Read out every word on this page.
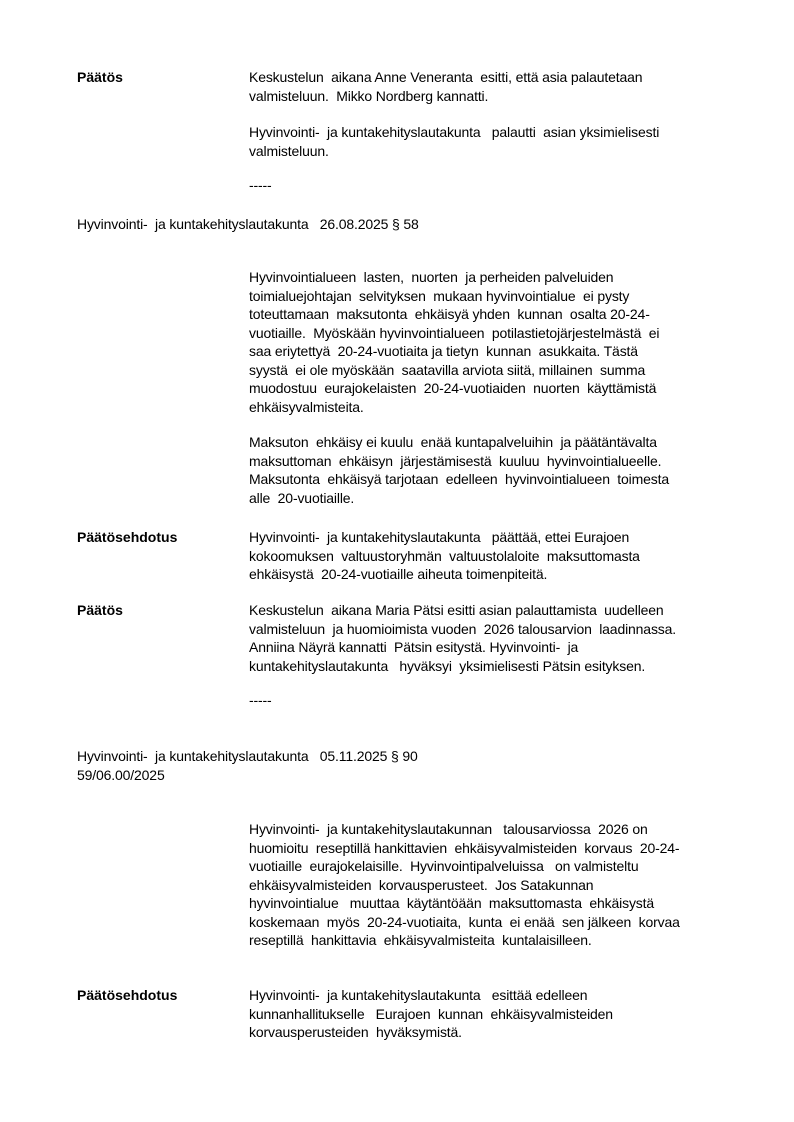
Päätös	Keskustelun  aikana Anne Veneranta  esitti, että asia palautetaan
valmisteluun.  Mikko Nordberg kannatti.
Hyvinvointi-  ja kuntakehityslautakunta   palautti  asian yksimielisesti
valmisteluun.
-----
Hyvinvointi-  ja kuntakehityslautakunta   26.08.2025 § 58
Hyvinvointialueen  lasten,  nuorten  ja perheiden palveluiden
toimialuejohtajan  selvityksen  mukaan hyvinvointialue  ei pysty
toteuttamaan  maksutonta  ehkäisyä yhden  kunnan  osalta 20-24-
vuotiaille.  Myöskään hyvinvointialueen  potilastietojärjestelmästä  ei
saa eriytettyä  20-24-vuotiaita ja tietyn  kunnan  asukkaita. Tästä
syystä  ei ole myöskään  saatavilla arviota siitä, millainen  summa
muodostuu  eurajokelaisten  20-24-vuotiaiden  nuorten  käyttämistä
ehkäisyvalmisteita.
Maksuton  ehkäisy ei kuulu  enää kuntapalveluihin  ja päätäntävalta
maksuttoman  ehkäisyn  järjestämisestä  kuuluu  hyvinvointialueelle.
Maksutonta  ehkäisyä tarjotaan  edelleen  hyvinvointialueen  toimesta
alle  20-vuotiaille.
Päätösehdotus	Hyvinvointi-  ja kuntakehityslautakunta   päättää, ettei Eurajoen
kokoomuksen  valtuustoryhmän  valtuustolaloite  maksuttomasta
ehkäisystä  20-24-vuotiaille aiheuta toimenpiteitä.
Päätös	Keskustelun  aikana Maria Pätsi esitti asian palauttamista  uudelleen
valmisteluun  ja huomioimista vuoden  2026 talousarvion  laadinnassa.
Anniina Näyrä kannatti  Pätsin esitystä. Hyvinvointi-  ja
kuntakehityslautakunta   hyväksyi  yksimielisesti Pätsin esityksen.
-----
Hyvinvointi-  ja kuntakehityslautakunta   05.11.2025 § 90
59/06.00/2025
Hyvinvointi-  ja kuntakehityslautakunnan   talousarviossa  2026 on
huomioitu  reseptillä hankittavien  ehkäisyvalmisteiden  korvaus  20-24-
vuotiaille  eurajokelaisille.  Hyvinvointipalveluissa   on valmisteltu
ehkäisyvalmisteiden  korvausperusteet.  Jos Satakunnan
hyvinvointialue   muuttaa  käytäntöään  maksuttomasta  ehkäisystä
koskemaan  myös  20-24-vuotiaita,  kunta  ei enää  sen jälkeen  korvaa
reseptillä  hankittavia  ehkäisyvalmisteita  kuntalaisilleen.
Päätösehdotus	Hyvinvointi-  ja kuntakehityslautakunta   esittää edelleen
kunnanhallitukselle   Eurajoen  kunnan  ehkäisyvalmisteiden
korvausperusteiden  hyväksymistä.
